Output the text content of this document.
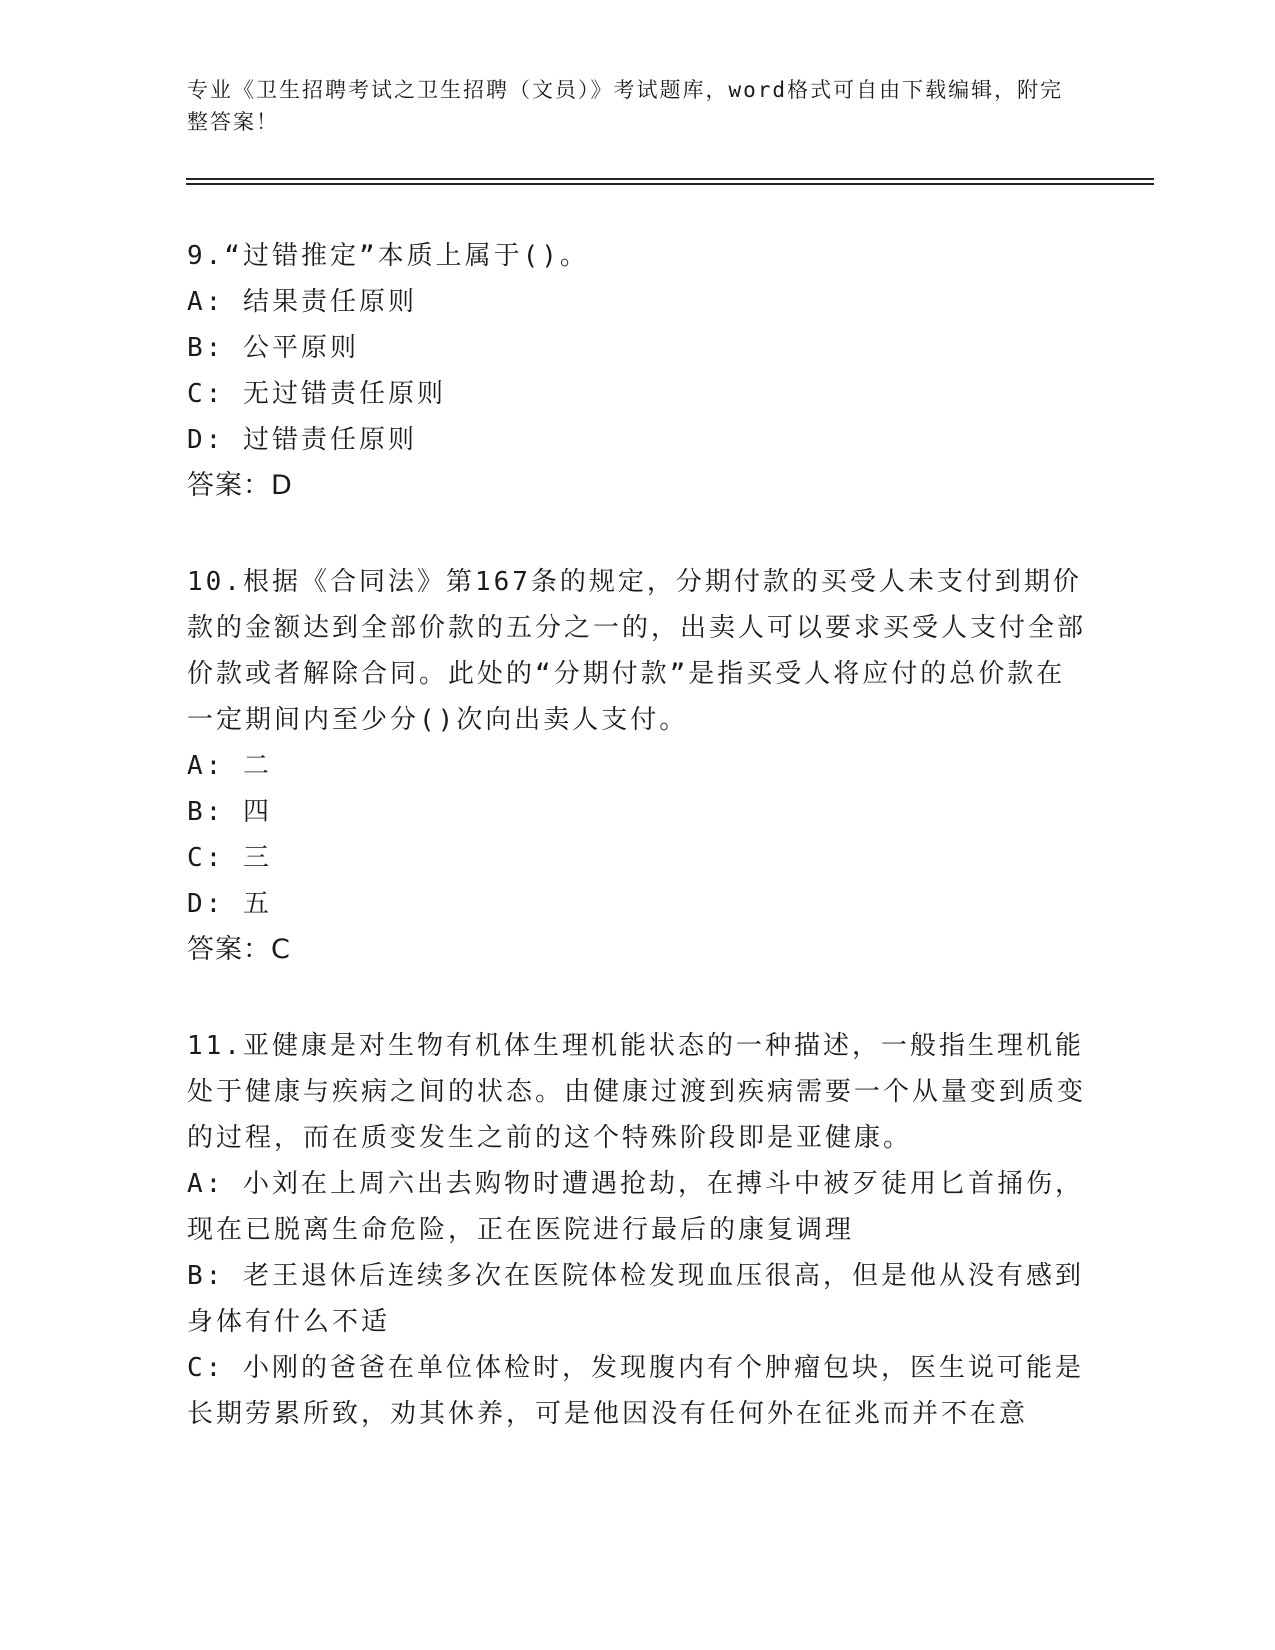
专业《卫生招聘考试之卫生招聘（文员）》考试题库，word格式可自由下载编辑，附完整答案！

9.“过错推定”本质上属于()。

A: 结果责任原则

B: 公平原则

C: 无过错责任原则

D: 过错责任原则

答案：D

10.根据《合同法》第167条的规定，分期付款的买受人未支付到期价款的金额达到全部价款的五分之一的，出卖人可以要求买受人支付全部价款或者解除合同。此处的“分期付款”是指买受人将应付的总价款在一定期间内至少分()次向出卖人支付。

A: 二

B: 四

C: 三

D: 五

答案：C

11.亚健康是对生物有机体生理机能状态的一种描述，一般指生理机能处于健康与疾病之间的状态。由健康过渡到疾病需要一个从量变到质变的过程，而在质变发生之前的这个特殊阶段即是亚健康。

A: 小刘在上周六出去购物时遭遇抢劫，在搏斗中被歹徒用匕首捅伤，现在已脱离生命危险，正在医院进行最后的康复调理

B: 老王退休后连续多次在医院体检发现血压很高，但是他从没有感到身体有什么不适

C: 小刚的爸爸在单位体检时，发现腹内有个肿瘤包块，医生说可能是长期劳累所致，劝其休养，可是他因没有任何外在征兆而并不在意
